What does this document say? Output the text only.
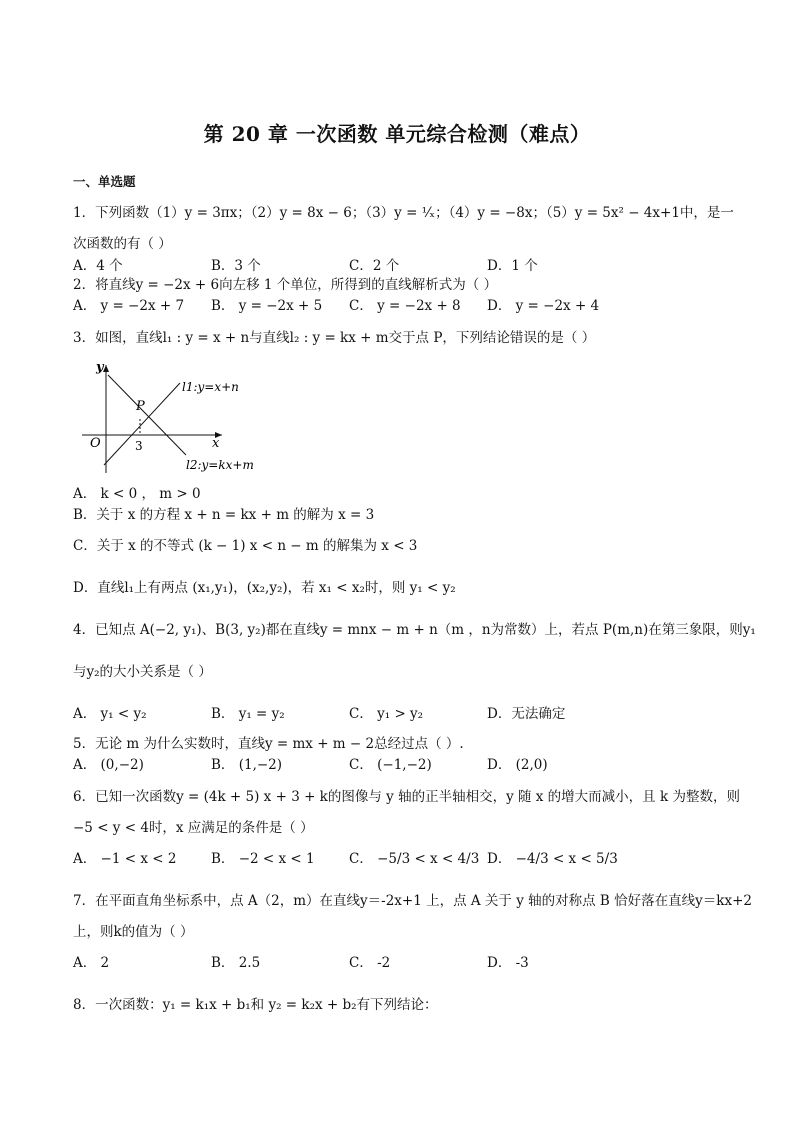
第 20 章 一次函数 单元综合检测（难点）
一、单选题
1．下列函数（1）y = 3πx；（2）y = 8x − 6；（3）y = ¹⁄ₓ；（4）y = −8x；（5）y = 5x² − 4x+1中，是一
次函数的有（ ）
A．4 个	B．3 个	C．2 个	D．1 个
2．将直线y = −2x + 6向左移 1 个单位，所得到的直线解析式为（ ）
A． y = −2x + 7 B． y = −2x + 5 C． y = −2x + 8 D． y = −2x + 4
3．如图，直线l₁ : y = x + n与直线l₂ : y = kx + m交于点 P，下列结论错误的是（ ）
y
x
O
P
3
l1:y=x+n
l2:y=kx+m
A． k < 0 ， m > 0
B．关于 x 的方程 x + n = kx + m 的解为 x = 3
C．关于 x 的不等式 (k − 1) x < n − m 的解集为 x < 3
D．直线l₁上有两点 (x₁,y₁)，(x₂,y₂)，若 x₁ < x₂时，则 y₁ < y₂
4．已知点 A(−2, y₁)、B(3, y₂)都在直线y = mnx − m + n（m ，n为常数）上，若点 P(m,n)在第三象限，则y₁
与y₂的大小关系是（ ）
A． y₁ < y₂	B． y₁ = y₂	C． y₁ > y₂	D．无法确定
5．无论 m 为什么实数时，直线y = mx + m − 2总经过点（ ）.
A． (0,−2)	B． (1,−2)	C． (−1,−2)	D． (2,0)
6．已知一次函数y = (4k + 5) x + 3 + k的图像与 y 轴的正半轴相交，y 随 x 的增大而减小，且 k 为整数，则
−5 < y < 4时，x 应满足的条件是（ ）
A． −1 < x < 2	B． −2 < x < 1	C． −5/3 < x < 4/3 D． −4/3 < x < 5/3
7．在平面直角坐标系中，点 A（2，m）在直线y＝-2x+1 上，点 A 关于 y 轴的对称点 B 恰好落在直线y＝kx+2
上，则k的值为（ ）
A． 2	B． 2.5	C． -2	D． -3
8．一次函数：y₁ = k₁x + b₁和 y₂ = k₂x + b₂有下列结论：
